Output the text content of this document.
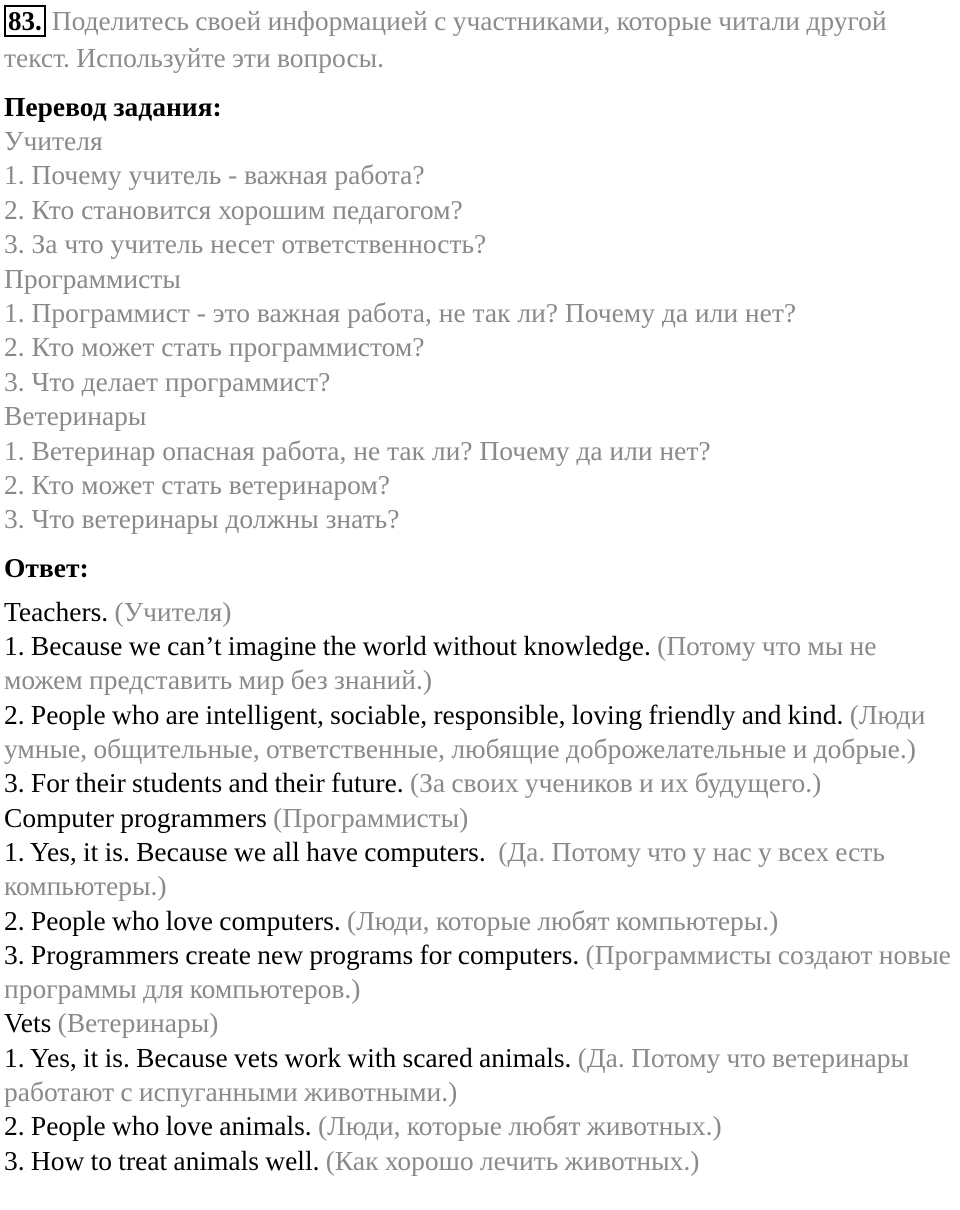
83. Поделитесь своей информацией с участниками, которые читали другой текст. Используйте эти вопросы.

Перевод задания:
Учителя
1. Почему учитель - важная работа?
2. Кто становится хорошим педагогом?
3. За что учитель несет ответственность?
Программисты
1. Программист - это важная работа, не так ли? Почему да или нет?
2. Кто может стать программистом?
3. Что делает программист?
Ветеринары
1. Ветеринар опасная работа, не так ли? Почему да или нет?
2. Кто может стать ветеринаром?
3. Что ветеринары должны знать?
Ответ:

Teachers. (Учителя)

1. Because we can’t imagine the world without knowledge. (Потому что мы не можем представить мир без знаний.)

2. People who are intelligent, sociable, responsible, loving friendly and kind. (Люди умные, общительные, ответственные, любящие доброжелательные и добрые.)

3. For their students and their future. (За своих учеников и их будущего.)

Computer programmers (Программисты)

1. Yes, it is. Because we all have computers. (Да. Потому что у нас у всех есть компьютеры.)

2. People who love computers. (Люди, которые любят компьютеры.)

3. Programmers create new programs for computers. (Программисты создают новые программы для компьютеров.)

Vets (Ветеринары)

1. Yes, it is. Because vets work with scared animals. (Да. Потому что ветеринары работают с испуганными животными.)

2. People who love animals. (Люди, которые любят животных.)

3. How to treat animals well. (Как хорошо лечить животных.)
